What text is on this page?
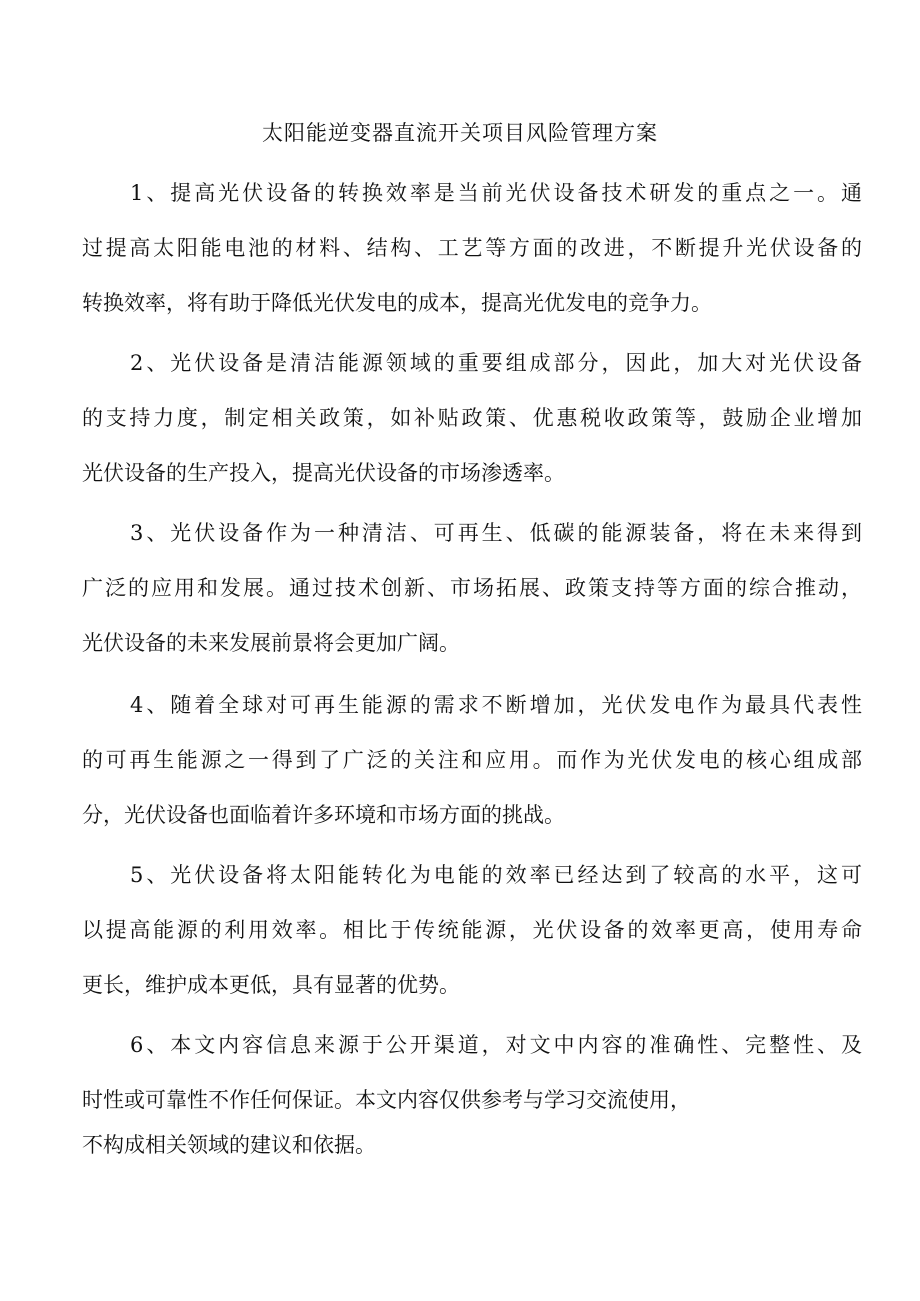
太阳能逆变器直流开关项目风险管理方案
1、提高光伏设备的转换效率是当前光伏设备技术研发的重点之一。通
过提高太阳能电池的材料、结构、工艺等方面的改进，不断提升光伏设备的
转换效率，将有助于降低光伏发电的成本，提高光优发电的竞争力。
2、光伏设备是清洁能源领域的重要组成部分，因此，加大对光伏设备
的支持力度，制定相关政策，如补贴政策、优惠税收政策等，鼓励企业增加
光伏设备的生产投入，提高光伏设备的市场渗透率。
3、光伏设备作为一种清洁、可再生、低碳的能源装备，将在未来得到
广泛的应用和发展。通过技术创新、市场拓展、政策支持等方面的综合推动，
光伏设备的未来发展前景将会更加广阔。
4、随着全球对可再生能源的需求不断增加，光伏发电作为最具代表性
的可再生能源之一得到了广泛的关注和应用。而作为光伏发电的核心组成部
分，光伏设备也面临着许多环境和市场方面的挑战。
5、光伏设备将太阳能转化为电能的效率已经达到了较高的水平，这可
以提高能源的利用效率。相比于传统能源，光伏设备的效率更高，使用寿命
更长，维护成本更低，具有显著的优势。
6、本文内容信息来源于公开渠道，对文中内容的准确性、完整性、及
时性或可靠性不作任何保证。本文内容仅供参考与学习交流使用，
不构成相关领域的建议和依据。
